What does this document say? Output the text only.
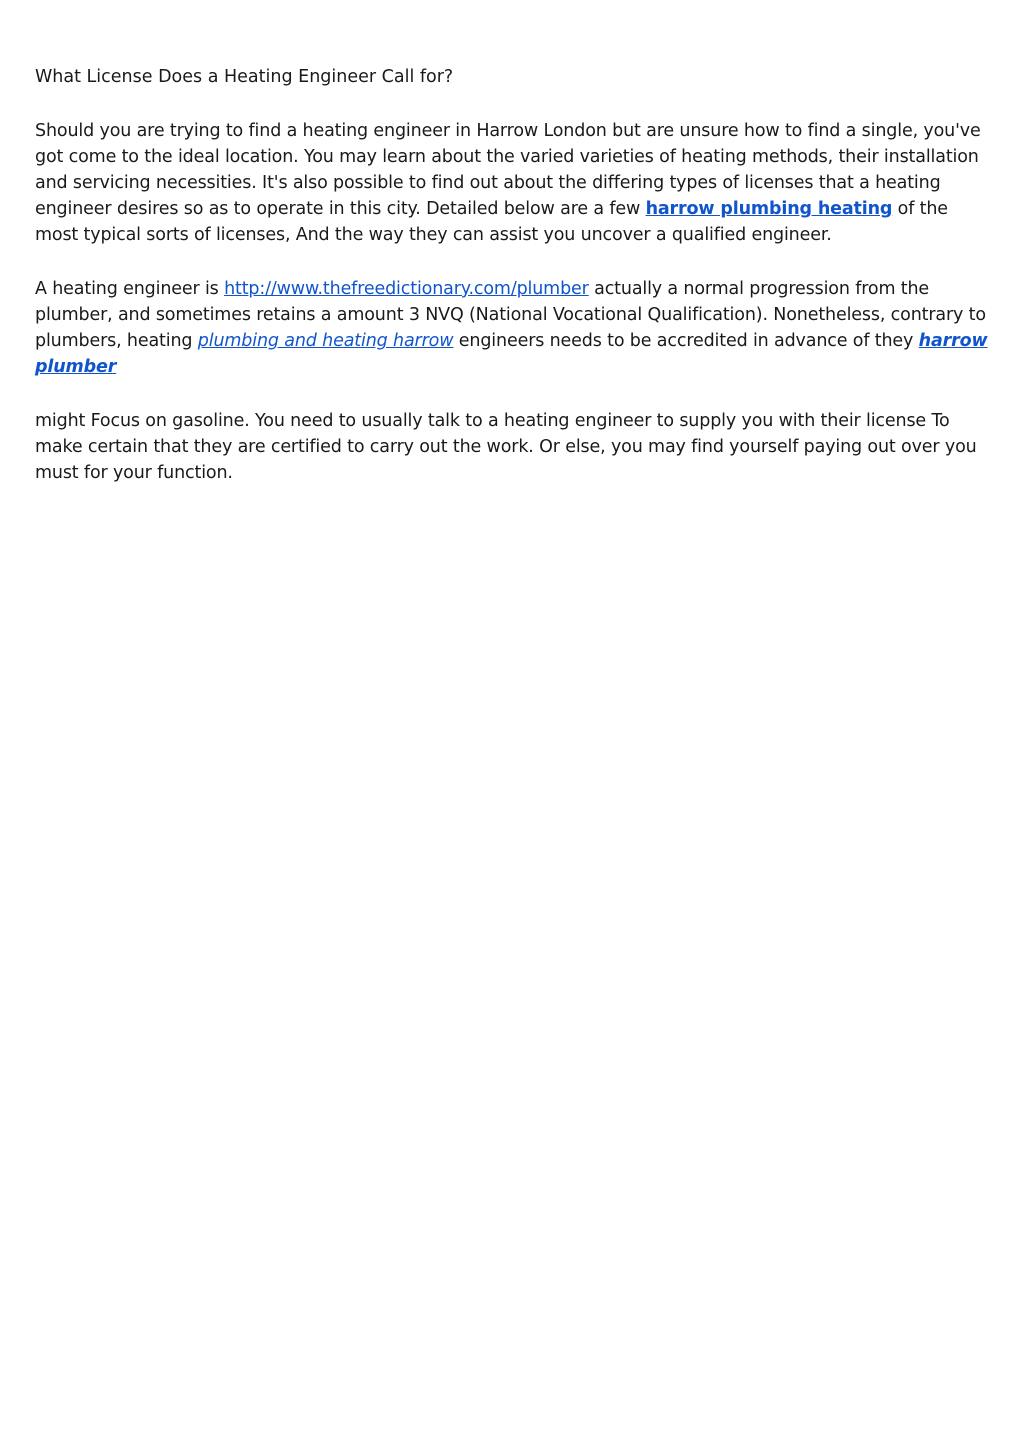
What License Does a Heating Engineer Call for?

Should you are trying to find a heating engineer in Harrow London but are unsure how to find a single, you've got come to the ideal location. You may learn about the varied varieties of heating methods, their installation and servicing necessities. It's also possible to find out about the differing types of licenses that a heating engineer desires so as to operate in this city. Detailed below are a few harrow plumbing heating of the most typical sorts of licenses, And the way they can assist you uncover a qualified engineer.

A heating engineer is http://www.thefreedictionary.com/plumber actually a normal progression from the plumber, and sometimes retains a amount 3 NVQ (National Vocational Qualification). Nonetheless, contrary to plumbers, heating plumbing and heating harrow engineers needs to be accredited in advance of they harrow plumber

might Focus on gasoline. You need to usually talk to a heating engineer to supply you with their license To make certain that they are certified to carry out the work. Or else, you may find yourself paying out over you must for your function.
